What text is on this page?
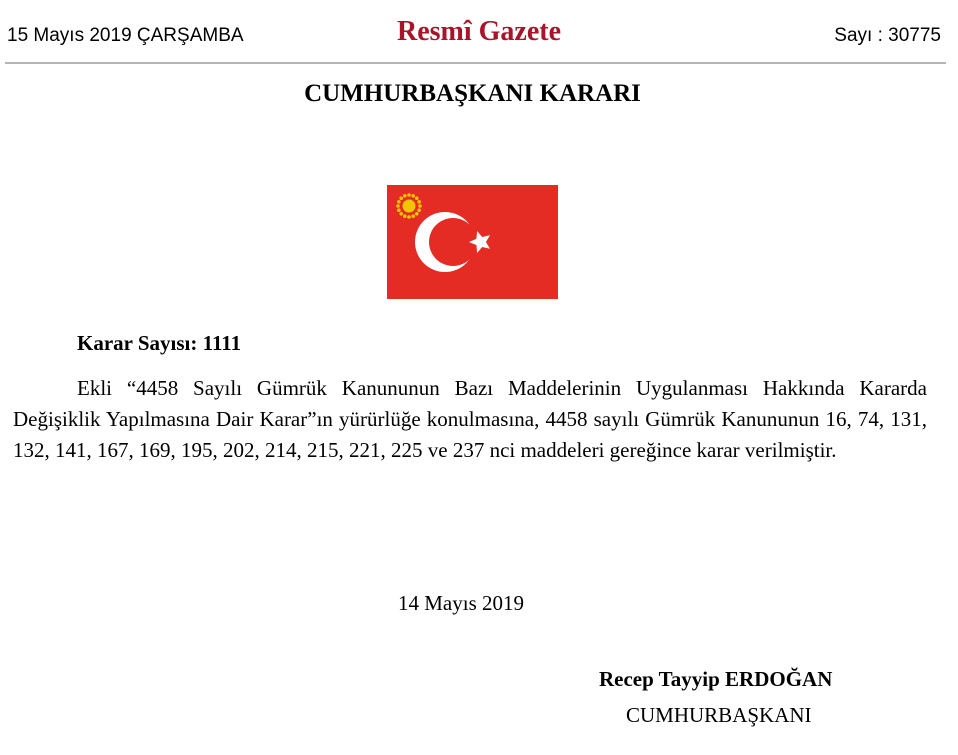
15 Mayıs 2019 ÇARŞAMBA	Resmî Gazete	Sayı : 30775
CUMHURBAŞKANI KARARI
Karar Sayısı: 1111

Ekli “4458 Sayılı Gümrük Kanununun Bazı Maddelerinin Uygulanması Hakkında Kararda Değişiklik Yapılmasına Dair Karar”ın yürürlüğe konulmasına, 4458 sayılı Gümrük Kanununun 16, 74, 131, 132, 141, 167, 169, 195, 202, 214, 215, 221, 225 ve 237 nci maddeleri gereğince karar verilmiştir.

14 Mayıs 2019
Recep Tayyip ERDOĞAN
CUMHURBAŞKANI
